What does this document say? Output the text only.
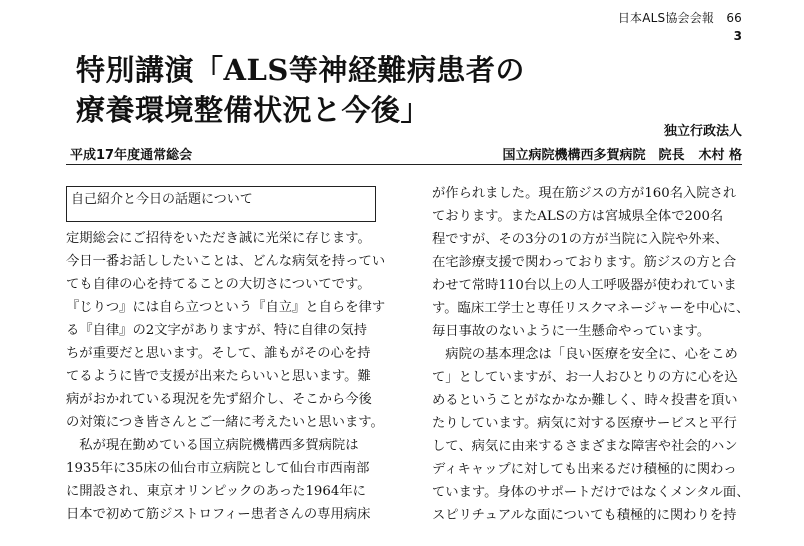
日本ALS協会会報　66
3
特別講演「ALS等神経難病患者の
療養環境整備状況と今後」
独立行政法人
平成17年度通常総会	国立病院機構西多賀病院　院長 木村 格
自己紹介と今日の話題について
定期総会にご招待をいただき誠に光栄に存じます。
今日一番お話ししたいことは、どんな病気を持ってい
ても自律の心を持てることの大切さについてです。
『じりつ』には自ら立つという『自立』と自らを律す
る『自律』の2文字がありますが、特に自律の気持
ちが重要だと思います。そして、誰もがその心を持
てるように皆で支援が出来たらいいと思います。難
病がおかれている現況を先ず紹介し、そこから今後
の対策につき皆さんとご一緒に考えたいと思います。
　私が現在勤めている国立病院機構西多賀病院は
1935年に35床の仙台市立病院として仙台市西南部
に開設され、東京オリンピックのあった1964年に
日本で初めて筋ジストロフィー患者さんの専用病床
が作られました。現在筋ジスの方が160名入院され
ております。またALSの方は宮城県全体で200名
程ですが、その3分の1の方が当院に入院や外来、
在宅診療支援で関わっております。筋ジスの方と合
わせて常時110台以上の人工呼吸器が使われていま
す。臨床工学士と専任リスクマネージャーを中心に、
毎日事故のないように一生懸命やっています。
　病院の基本理念は「良い医療を安全に、心をこめ
て」としていますが、お一人おひとりの方に心を込
めるということがなかなか難しく、時々投書を頂い
たりしています。病気に対する医療サービスと平行
して、病気に由来するさまざまな障害や社会的ハン
ディキャップに対しても出来るだけ積極的に関わっ
ています。身体のサポートだけではなくメンタル面、
スピリチュアルな面についても積極的に関わりを持
